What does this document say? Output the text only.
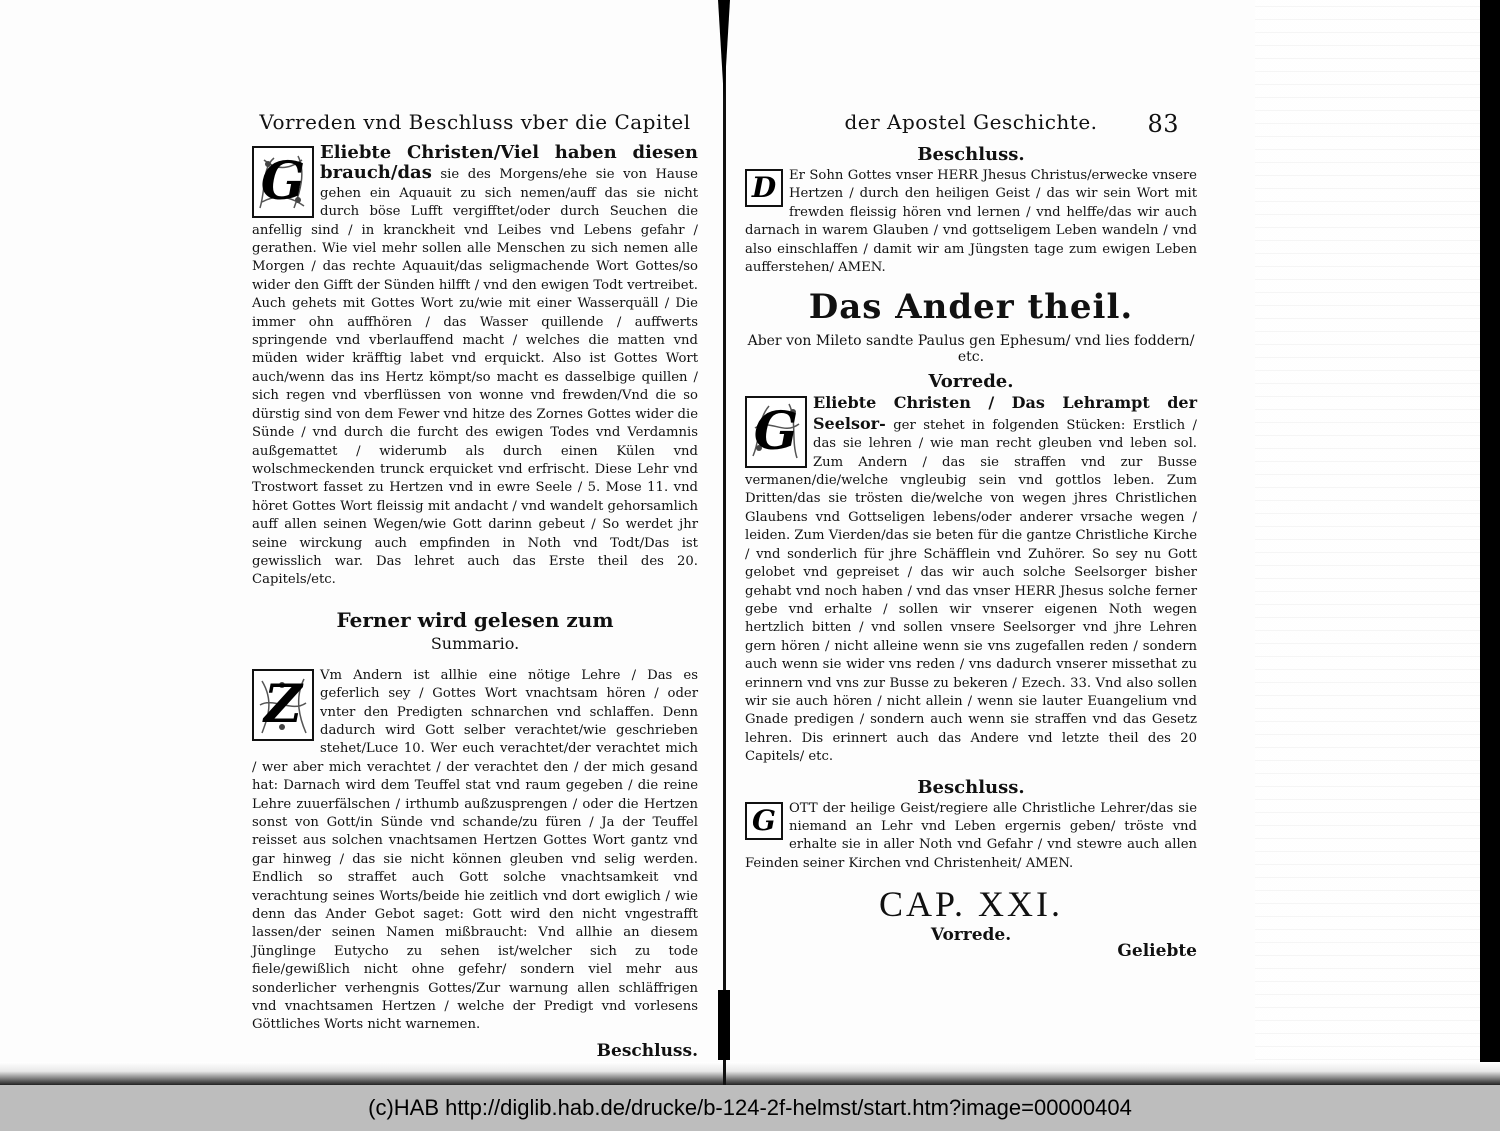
Vorreden vnd Beschluss vber die Capitel

G Eliebte Christen/Viel haben diesen brauch/das sie des Morgens/ehe sie von Hause gehen ein Aquauit zu sich nemen/auff das sie nicht durch böse Lufft vergifftet/oder durch Seuchen die anfellig sind / in kranckheit vnd Leibes vnd Lebens gefahr / gerathen. Wie viel mehr sollen alle Menschen zu sich nemen alle Morgen / das rechte Aquauit/das seligmachende Wort Gottes/so wider den Gifft der Sünden hilfft / vnd den ewigen Todt vertreibet. Auch gehets mit Gottes Wort zu/wie mit einer Wasserquäll / Die immer ohn auffhören / das Wasser quillende / auffwerts springende vnd vberlauffend macht / welches die matten vnd müden wider kräfftig labet vnd erquickt. Also ist Gottes Wort auch/wenn das ins Hertz kömpt/so macht es dasselbige quillen / sich regen vnd vberflüssen von wonne vnd frewden/Vnd die so dürstig sind von dem Fewer vnd hitze des Zornes Gottes wider die Sünde / vnd durch die furcht des ewigen Todes vnd Verdamnis außgemattet / widerumb als durch einen Külen vnd wolschmeckenden trunck erquicket vnd erfrischt. Diese Lehr vnd Trostwort fasset zu Hertzen vnd in ewre Seele / 5. Mose 11. vnd höret Gottes Wort fleissig mit andacht / vnd wandelt gehorsamlich auff allen seinen Wegen/wie Gott darinn gebeut / So werdet jhr seine wirckung auch empfinden in Noth vnd Todt/Das ist gewisslich war. Das lehret auch das Erste theil des 20. Capitels/etc.

Ferner wird gelesen zum
Summario.

Z	Vm Andern ist allhie eine nötige Lehre / Das es geferlich sey / Gottes Wort vnachtsam hören / oder vnter den Predigten schnarchen vnd schlaffen. Denn dadurch wird Gott selber verachtet/wie geschrieben stehet/Luce 10. Wer euch verachtet/der verachtet mich / wer aber mich verachtet / der verachtet den / der mich gesand hat: Darnach wird dem Teuffel stat vnd raum gegeben / die reine Lehre zuuerfälschen / irthumb außzusprengen / oder die Hertzen sonst von Gott/in Sünde vnd schande/zu füren / Ja der Teuffel reisset aus solchen vnachtsamen Hertzen Gottes Wort gantz vnd gar hinweg / das sie nicht können gleuben vnd selig werden. Endlich so straffet auch Gott solche vnachtsamkeit vnd verachtung seines Worts/beide hie zeitlich vnd dort ewiglich / wie denn das Ander Gebot saget: Gott wird den nicht vngestrafft lassen/der seinen Namen mißbraucht: Vnd allhie an diesem Jünglinge Eutycho zu sehen ist/welcher sich zu tode fiele/gewißlich nicht ohne gefehr/ sondern viel mehr aus sonderlicher verhengnis Gottes/Zur warnung allen schläffrigen vnd vnachtsamen Hertzen / welche der Predigt vnd vorlesens Göttliches Worts nicht warnemen.

Beschluss.
der Apostel Geschichte. 83
Beschluss.

D Er Sohn Gottes vnser HERR Jhesus Christus/erwecke vnsere Hertzen / durch den heiligen Geist / das wir sein Wort mit frewden fleissig hören vnd lernen / vnd helffe/das wir auch darnach in warem Glauben / vnd gottseligem Leben wandeln / vnd also einschlaffen / damit wir am Jüngsten tage zum ewigen Leben aufferstehen/ AMEN.

Das Ander theil.
Aber von Mileto sandte Paulus gen Ephesum/ vnd lies foddern/ etc.
Vorrede.

G Eliebte Christen / Das Lehrampt der Seelsor- ger stehet in folgenden Stücken: Erstlich / das sie lehren / wie man recht gleuben vnd leben sol. Zum Andern / das sie straffen vnd zur Busse vermanen/die/welche vngleubig sein vnd gottlos leben. Zum Dritten/das sie trösten die/welche von wegen jhres Christlichen Glaubens vnd Gottseligen lebens/oder anderer vrsache wegen / leiden. Zum Vierden/das sie beten für die gantze Christliche Kirche / vnd sonderlich für jhre Schäfflein vnd Zuhörer. So sey nu Gott gelobet vnd gepreiset / das wir auch solche Seelsorger bisher gehabt vnd noch haben / vnd das vnser HERR Jhesus solche ferner gebe vnd erhalte / sollen wir vnserer eigenen Noth wegen hertzlich bitten / vnd sollen vnsere Seelsorger vnd jhre Lehren gern hören / nicht alleine wenn sie vns zugefallen reden / sondern auch wenn sie wider vns reden / vns dadurch vnserer missethat zu erinnern vnd vns zur Busse zu bekeren / Ezech. 33. Vnd also sollen wir sie auch hören / nicht allein / wenn sie lauter Euangelium vnd Gnade predigen / sondern auch wenn sie straffen vnd das Gesetz lehren. Dis erinnert auch das Andere vnd letzte theil des 20 Capitels/ etc.

Beschluss.

G OTT der heilige Geist/regiere alle Christliche Lehrer/das sie niemand an Lehr vnd Leben ergernis geben/ tröste vnd erhalte sie in aller Noth vnd Gefahr / vnd stewre auch allen Feinden seiner Kirchen vnd Christenheit/ AMEN.

CAP. XXI.
Vorrede.
Geliebte
(c)HAB http://diglib.hab.de/drucke/b-124-2f-helmst/start.htm?image=00000404
